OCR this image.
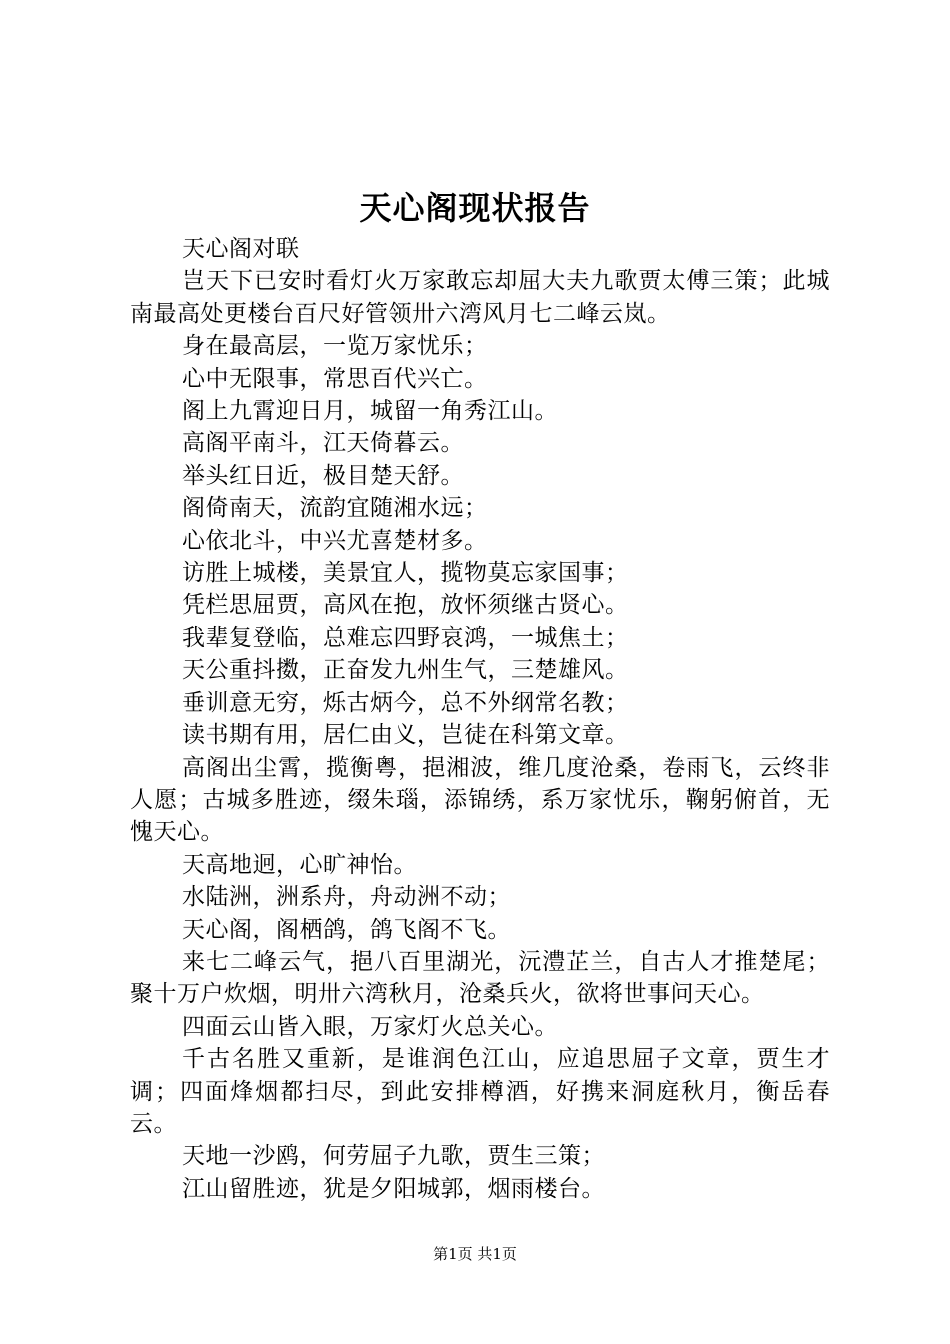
天心阁现状报告

天心阁对联

岂天下已安时看灯火万家敢忘却屈大夫九歌贾太傅三策；此城南最高处更楼台百尺好管领卅六湾风月七二峰云岚。

身在最高层，一览万家忧乐；

心中无限事，常思百代兴亡。

阁上九霄迎日月，城留一角秀江山。

高阁平南斗，江天倚暮云。

举头红日近，极目楚天舒。

阁倚南天，流韵宜随湘水远；

心依北斗，中兴尤喜楚材多。

访胜上城楼，美景宜人，揽物莫忘家国事；

凭栏思屈贾，高风在抱，放怀须继古贤心。

我辈复登临，总难忘四野哀鸿，一城焦土；

天公重抖擞，正奋发九州生气，三楚雄风。

垂训意无穷，烁古炳今，总不外纲常名教；

读书期有用，居仁由义，岂徒在科第文章。

高阁出尘霄，揽衡粤，挹湘波，维几度沧桑，卷雨飞，云终非人愿；古城多胜迹，缀朱瑙，添锦绣，系万家忧乐，鞠躬俯首，无愧天心。

天高地迥，心旷神怡。

水陆洲，洲系舟，舟动洲不动；

天心阁，阁栖鸽，鸽飞阁不飞。

来七二峰云气，挹八百里湖光，沅澧芷兰，自古人才推楚尾；聚十万户炊烟，明卅六湾秋月，沧桑兵火，欲将世事问天心。

四面云山皆入眼，万家灯火总关心。

千古名胜又重新，是谁润色江山，应追思屈子文章，贾生才调；四面烽烟都扫尽，到此安排樽酒，好携来洞庭秋月，衡岳春云。

天地一沙鸥，何劳屈子九歌，贾生三策；

江山留胜迹，犹是夕阳城郭，烟雨楼台。

第1页 共1页
